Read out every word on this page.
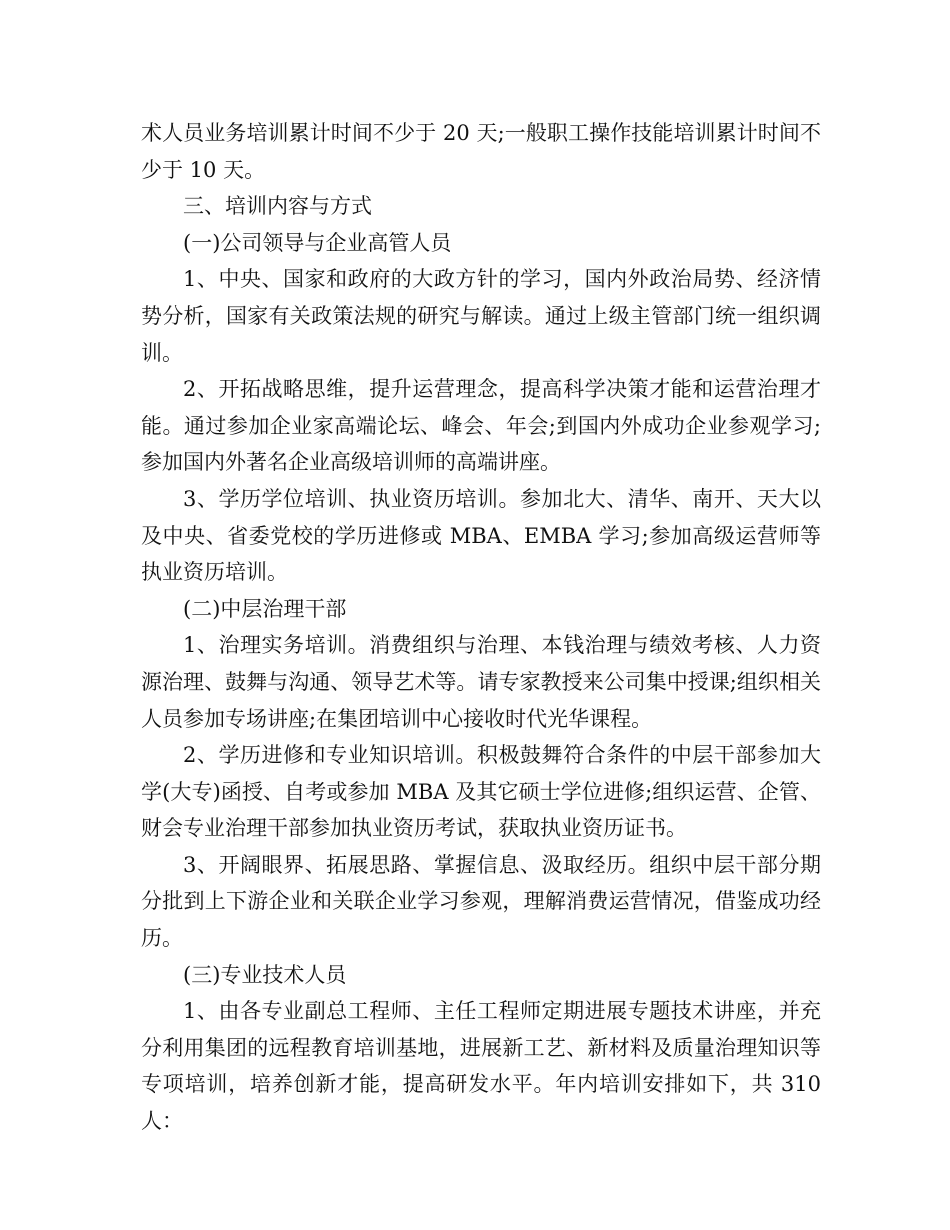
术人员业务培训累计时间不少于 20 天;一般职工操作技能培训累计时间不少于 10 天。

三、培训内容与方式

(一)公司领导与企业高管人员

1、中央、国家和政府的大政方针的学习，国内外政治局势、经济情势分析，国家有关政策法规的研究与解读。通过上级主管部门统一组织调训。

2、开拓战略思维，提升运营理念，提高科学决策才能和运营治理才能。通过参加企业家高端论坛、峰会、年会;到国内外成功企业参观学习;参加国内外著名企业高级培训师的高端讲座。

3、学历学位培训、执业资历培训。参加北大、清华、南开、天大以及中央、省委党校的学历进修或 MBA、EMBA 学习;参加高级运营师等执业资历培训。

(二)中层治理干部

1、治理实务培训。消费组织与治理、本钱治理与绩效考核、人力资源治理、鼓舞与沟通、领导艺术等。请专家教授来公司集中授课;组织相关人员参加专场讲座;在集团培训中心接收时代光华课程。

2、学历进修和专业知识培训。积极鼓舞符合条件的中层干部参加大学(大专)函授、自考或参加 MBA 及其它硕士学位进修;组织运营、企管、财会专业治理干部参加执业资历考试，获取执业资历证书。

3、开阔眼界、拓展思路、掌握信息、汲取经历。组织中层干部分期分批到上下游企业和关联企业学习参观，理解消费运营情况，借鉴成功经历。

(三)专业技术人员

1、由各专业副总工程师、主任工程师定期进展专题技术讲座，并充分利用集团的远程教育培训基地，进展新工艺、新材料及质量治理知识等专项培训，培养创新才能，提高研发水平。年内培训安排如下，共 310 人：
